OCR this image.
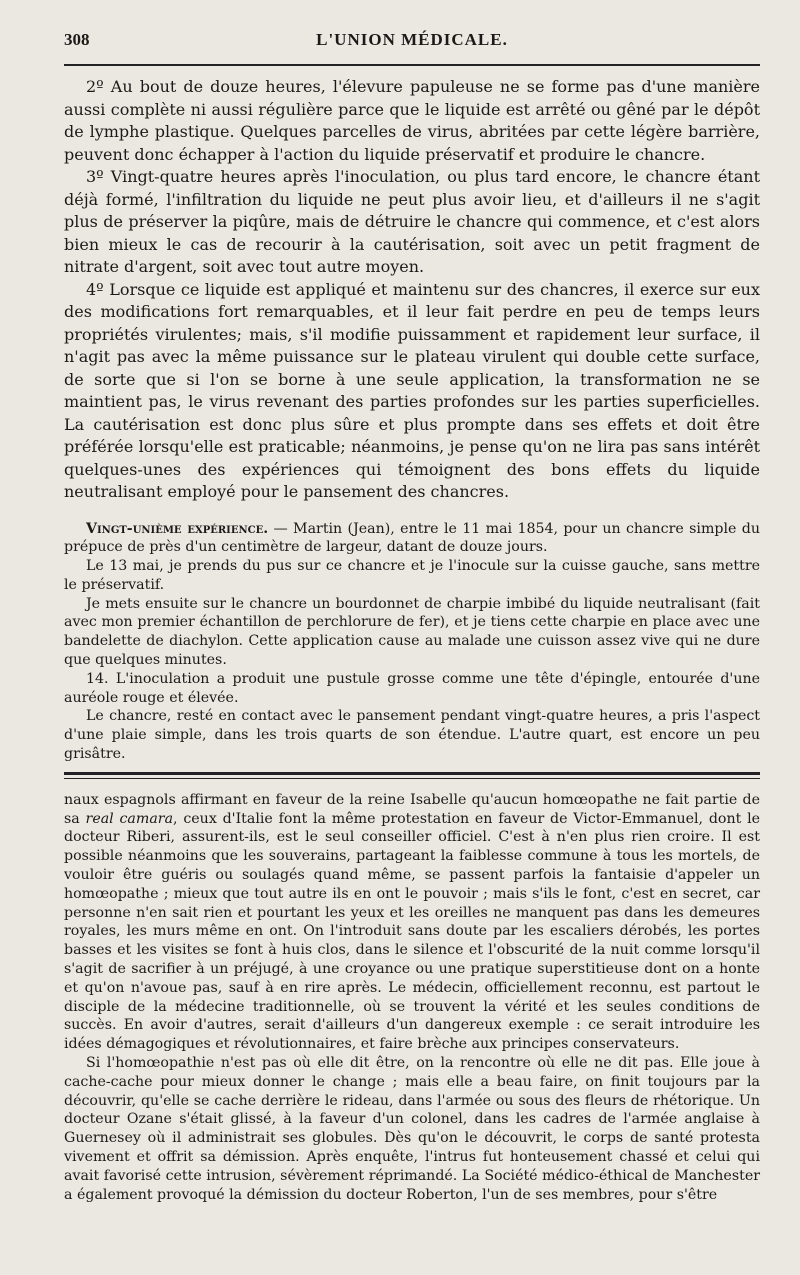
308	L'UNION MÉDICALE.

2º Au bout de douze heures, l'élevure papuleuse ne se forme pas d'une manière aussi complète ni aussi régulière parce que le liquide est arrêté ou gêné par le dépôt de lymphe plastique. Quelques parcelles de virus, abritées par cette légère barrière, peuvent donc échapper à l'action du liquide préservatif et produire le chancre.

3º Vingt-quatre heures après l'inoculation, ou plus tard encore, le chancre étant déjà formé, l'infiltration du liquide ne peut plus avoir lieu, et d'ailleurs il ne s'agit plus de préserver la piqûre, mais de détruire le chancre qui commence, et c'est alors bien mieux le cas de recourir à la cautérisation, soit avec un petit fragment de nitrate d'argent, soit avec tout autre moyen.

4º Lorsque ce liquide est appliqué et maintenu sur des chancres, il exerce sur eux des modifications fort remarquables, et il leur fait perdre en peu de temps leurs propriétés virulentes; mais, s'il modifie puissamment et rapidement leur surface, il n'agit pas avec la même puissance sur le plateau virulent qui double cette surface, de sorte que si l'on se borne à une seule application, la transformation ne se maintient pas, le virus revenant des parties profondes sur les parties superficielles. La cautérisation est donc plus sûre et plus prompte dans ses effets et doit être préférée lorsqu'elle est praticable; néanmoins, je pense qu'on ne lira pas sans intérêt quelques-unes des expériences qui témoignent des bons effets du liquide neutralisant employé pour le pansement des chancres.

Vingt-unième expérience. — Martin (Jean), entre le 11 mai 1854, pour un chancre simple du prépuce de près d'un centimètre de largeur, datant de douze jours.

Le 13 mai, je prends du pus sur ce chancre et je l'inocule sur la cuisse gauche, sans mettre le préservatif.

Je mets ensuite sur le chancre un bourdonnet de charpie imbibé du liquide neutralisant (fait avec mon premier échantillon de perchlorure de fer), et je tiens cette charpie en place avec une bandelette de diachylon. Cette application cause au malade une cuisson assez vive qui ne dure que quelques minutes.

14. L'inoculation a produit une pustule grosse comme une tête d'épingle, entourée d'une auréole rouge et élevée.

Le chancre, resté en contact avec le pansement pendant vingt-quatre heures, a pris l'aspect d'une plaie simple, dans les trois quarts de son étendue. L'autre quart, est encore un peu grisâtre.

naux espagnols affirmant en faveur de la reine Isabelle qu'aucun homœopathe ne fait partie de sa real camara, ceux d'Italie font la même protestation en faveur de Victor-Emmanuel, dont le docteur Riberi, assurent-ils, est le seul conseiller officiel. C'est à n'en plus rien croire. Il est possible néanmoins que les souverains, partageant la faiblesse commune à tous les mortels, de vouloir être guéris ou soulagés quand même, se passent parfois la fantaisie d'appeler un homœopathe ; mieux que tout autre ils en ont le pouvoir ; mais s'ils le font, c'est en secret, car personne n'en sait rien et pourtant les yeux et les oreilles ne manquent pas dans les demeures royales, les murs même en ont. On l'introduit sans doute par les escaliers dérobés, les portes basses et les visites se font à huis clos, dans le silence et l'obscurité de la nuit comme lorsqu'il s'agit de sacrifier à un préjugé, à une croyance ou une pratique superstitieuse dont on a honte et qu'on n'avoue pas, sauf à en rire après. Le médecin, officiellement reconnu, est partout le disciple de la médecine traditionnelle, où se trouvent la vérité et les seules conditions de succès. En avoir d'autres, serait d'ailleurs d'un dangereux exemple : ce serait introduire les idées démagogiques et révolutionnaires, et faire brèche aux principes conservateurs.

Si l'homœopathie n'est pas où elle dit être, on la rencontre où elle ne dit pas. Elle joue à cache-cache pour mieux donner le change ; mais elle a beau faire, on finit toujours par la découvrir, qu'elle se cache derrière le rideau, dans l'armée ou sous des fleurs de rhétorique. Un docteur Ozane s'était glissé, à la faveur d'un colonel, dans les cadres de l'armée anglaise à Guernesey où il administrait ses globules. Dès qu'on le découvrit, le corps de santé protesta vivement et offrit sa démission. Après enquête, l'intrus fut honteusement chassé et celui qui avait favorisé cette intrusion, sévèrement réprimandé. La Société médico-éthical de Manchester a également provoqué la démission du docteur Roberton, l'un de ses membres, pour s'être
